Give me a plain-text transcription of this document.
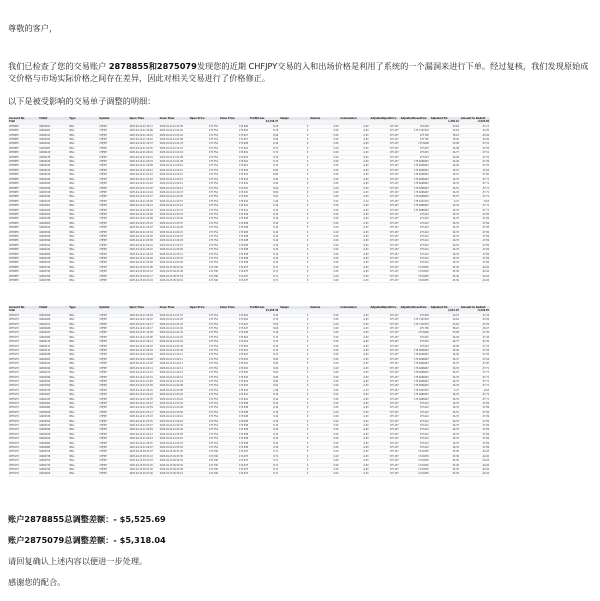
尊敬的客户，
我们已检查了您的交易账户 2878855和2875079发现您的近期 CHFJPY交易的入和出场价格是利用了系统的一个漏洞来进行下单。经过复核，我们发现原始成交价格与市场实际价格之间存在差异，因此对相关交易进行了价格修正。
以下是被受影响的交易单子调整的明细：
Account No	Ticket	Type	Symbol	Open Time	Close Time	Open Price	Close Price	Profit/Loss	Swaps	Volume	Commission	AdjustedOpenPrice	AdjustedClosePrice	Adjusted P/L	Amount to Deduct
Total								$4,159.47						1,359.22	-5,525.69
2878855	42481813	SELL	CHFJPY	2025-04-14 21:15:17	2025-04-14 21:21:06	175.754	175.626	8.29	0	0.09	-0.63	175.157	175.629	20.64	-37.11
2878855	42482003	SELL	CHFJPY	2025-04-14 21:19:06	2025-04-14 21:21:02	175.754	175.616	8.70	0	0.09	-0.63	175.157	175.7143333	20.64	-43.06
2878855	42482011	SELL	CHFJPY	2025-04-14 21:19:10	2025-04-14 21:21:02	175.754	175.627	8.06	0	0.09	-0.63	175.157	175.765	38.22	-43.06
2878855	42482022	SELL	CHFJPY	2025-04-14 21:19:16	2025-04-14 21:21:08	175.754	175.627	8.06	0	0.09	-0.63	175.157	175.765	38.26	-43.06
2878855	42482041	SELL	CHFJPY	2025-04-14 21:19:37	2025-04-14 21:21:33	175.754	175.638	8.16	0	0.09	-0.63	175.157	175.6066	20.98	-37.51
2878855	42482087	SELL	CHFJPY	2025-04-14 21:20:05	2025-04-14 21:21:19	175.754	175.616	8.74	0	0.09	-0.63	175.157	175.615	26.48	-37.56
2878855	42482108	SELL	CHFJPY	2025-04-14 21:20:10	2025-04-14 21:21:19	175.754	175.619	8.74	0	0.09	-0.63	175.157	175.615	26.77	-37.51
2878855	42482135	SELL	CHFJPY	2025-04-14 21:20:21	2025-04-14 21:21:38	175.754	175.632	8.16	0	0.09	-0.63	175.157	175.613	26.48	-37.22
2878855	42482166	SELL	CHFJPY	2025-04-14 21:20:33	2025-04-14 21:21:38	175.754	175.621	8.74	0	0.09	-0.63	175.157	175.6096667	26.46	-37.39
2878855	42482182	SELL	CHFJPY	2025-04-14 21:20:38	2025-04-14 21:22:10	175.754	175.621	8.74	0	0.09	-0.63	175.157	175.6096667	26.46	-37.56
2878855	42482195	SELL	CHFJPY	2025-04-14 21:20:47	2025-04-14 21:22:10	175.754	175.632	8.84	0	0.09	-0.63	175.157	175.6096667	26.47	-37.64
2878855	42482216	SELL	CHFJPY	2025-04-14 21:21:01	2025-04-14 21:22:10	175.754	175.632	8.84	0	0.09	-0.63	175.157	175.6096667	26.47	-37.60
2878855	42482243	SELL	CHFJPY	2025-04-14 21:21:10	2025-04-14 21:22:10	175.754	175.632	8.90	0	0.09	-0.63	175.157	175.6096667	26.76	-37.71
2878855	42482266	SELL	CHFJPY	2025-04-14 21:21:22	2025-04-14 21:22:11	175.754	175.632	8.90	0	0.09	-0.63	175.157	175.6096667	26.76	-37.71
2878855	42482290	SELL	CHFJPY	2025-04-14 21:21:30	2025-04-14 21:22:11	175.754	175.632	8.90	0	0.09	-0.63	175.157	175.6096667	26.76	-37.71
2878855	42482318	SELL	CHFJPY	2025-04-14 21:21:44	2025-04-14 21:22:23	175.754	175.632	8.80	0	0.09	-0.63	175.157	175.6096667	26.76	-37.71
2878855	42482344	SELL	CHFJPY	2025-04-14 21:21:57	2025-04-14 21:22:45	175.754	175.632	8.91	0	0.09	-0.63	175.157	175.6096667	26.76	-37.71
2878855	42482372	SELL	CHFJPY	2025-04-14 21:22:09	2025-04-14 21:22:57	175.754	175.632	1.96	0	0.02	-0.14	175.157	175.6143333	6.47	-8.63
2878855	42482401	SELL	CHFJPY	2025-04-14 21:22:21	2025-04-14 21:23:21	175.754	175.641	8.16	0	0.09	-0.63	175.157	175.6086667	26.76	-37.71
2878855	42482429	SELL	CHFJPY	2025-04-14 21:22:34	2025-04-14 21:23:21	175.754	175.641	8.16	0	0.09	-0.63	175.157	175.6086667	26.76	-37.71
2878855	42482455	SELL	CHFJPY	2025-04-14 21:22:46	2025-04-14 21:23:33	175.754	175.638	8.16	0	0.09	-0.63	175.157	175.612	26.76	-37.69
2878855	42482478	SELL	CHFJPY	2025-04-14 21:22:58	2025-04-14 21:23:45	175.754	175.638	8.16	0	0.09	-0.63	175.157	175.612	26.76	-37.69
2878855	42482502	SELL	CHFJPY	2025-04-14 21:23:10	2025-04-14 21:23:57	175.754	175.638	8.16	0	0.09	-0.63	175.157	175.612	26.76	-37.69
2878855	42482524	SELL	CHFJPY	2025-04-14 21:23:22	2025-04-14 21:24:09	175.754	175.638	8.16	0	0.09	-0.63	175.157	175.612	26.76	-37.69
2878855	42482546	SELL	CHFJPY	2025-04-14 21:23:34	2025-04-14 21:24:21	175.754	175.638	8.16	0	0.09	-0.63	175.157	175.612	26.76	-37.69
2878855	42482568	SELL	CHFJPY	2025-04-14 21:23:46	2025-04-14 21:24:33	175.754	175.638	8.16	0	0.09	-0.63	175.157	175.612	26.76	-37.69
2878855	42482590	SELL	CHFJPY	2025-04-14 21:23:58	2025-04-14 21:24:45	175.754	175.638	8.16	0	0.09	-0.63	175.157	175.612	26.76	-37.69
2878855	42482612	SELL	CHFJPY	2025-04-14 21:24:10	2025-04-14 21:24:57	175.754	175.638	8.16	0	0.09	-0.63	175.157	175.612	26.76	-37.69
2878855	42482634	SELL	CHFJPY	2025-04-14 21:24:22	2025-04-14 21:25:09	175.754	175.638	8.16	0	0.09	-0.63	175.157	175.612	26.76	-37.69
2878855	42482656	SELL	CHFJPY	2025-04-14 21:24:34	2025-04-14 21:25:21	175.754	175.638	8.16	0	0.09	-0.63	175.157	175.612	26.76	-37.69
2878855	42482678	SELL	CHFJPY	2025-04-14 21:24:46	2025-04-14 21:25:33	175.754	175.638	8.16	0	0.09	-0.63	175.157	175.612	26.76	-37.69
2878855	42482700	SELL	CHFJPY	2025-04-14 21:24:58	2025-04-14 21:25:45	175.754	175.638	8.16	0	0.09	-0.63	175.157	175.612	26.76	-37.69
2878855	42482722	SELL	CHFJPY	2025-04-15 09:31:06	2025-04-15 09:31:44	174.796	174.675	8.71	0	0.09	-0.63	175.157	174.6955	45.36	-44.92
2878855	42482744	SELL	CHFJPY	2025-04-15 09:31:12	2025-04-15 09:31:49	174.796	174.675	8.71	0	0.09	-0.63	175.157	174.6955	45.36	-44.92
2878855	42482766	SELL	CHFJPY	2025-04-15 09:31:17	2025-04-15 09:31:53	174.796	174.675	8.71	0	0.09	-0.63	175.157	174.6955	45.36	-44.92
2878855	42482788	SELL	CHFJPY	2025-04-15 09:31:24	2025-04-15 09:32:01	174.796	174.675	8.71	0	0.09	-0.63	175.157	174.6955	45.36	-44.92
Account No	Ticket	Type	Symbol	Open Time	Close Time	Open Price	Close Price	Profit/Loss	Swaps	Volume	Commission	AdjustedOpenPrice	AdjustedClosePrice	Adjusted P/L	Amount to Deduct
Total								$4,365.49						1,012.25	-5,318.04
2875079	42481819	SELL	CHFJPY	2025-04-14 21:15:18	2025-04-14 21:21:07	175.754	175.626	8.29	0	0.09	-0.63	175.157	175.629	20.07	-37.43
2875079	42482009	SELL	CHFJPY	2025-04-14 21:19:07	2025-04-14 21:21:03	175.754	175.616	8.70	0	0.09	-0.63	175.157	175.7143333	20.64	-43.09
2875079	42482017	SELL	CHFJPY	2025-04-14 21:19:11	2025-04-14 21:21:03	175.754	175.627	8.06	0	0.09	-0.63	175.157	175.7143333	20.64	-43.09
2875079	42482028	SELL	CHFJPY	2025-04-14 21:19:17	2025-04-14 21:21:09	175.754	175.627	8.06	0	0.09	-0.63	175.157	175.765	38.22	-36.97
2875079	42482047	SELL	CHFJPY	2025-04-14 21:19:38	2025-04-14 21:21:34	175.754	175.638	8.16	0	0.09	-0.63	175.157	175.6066	20.98	-37.26
2875079	42482093	SELL	CHFJPY	2025-04-14 21:20:06	2025-04-14 21:21:20	175.754	175.616	8.74	0	0.09	-0.63	175.157	175.615	26.48	-37.44
2875079	42482114	SELL	CHFJPY	2025-04-14 21:20:11	2025-04-14 21:21:20	175.754	175.619	8.74	0	0.09	-0.63	175.157	175.615	26.77	-37.26
2875079	42482141	SELL	CHFJPY	2025-04-14 21:20:22	2025-04-14 21:21:39	175.754	175.632	8.16	0	0.09	-0.63	175.157	175.613	26.48	-37.22
2875079	42482172	SELL	CHFJPY	2025-04-14 21:20:34	2025-04-14 21:21:39	175.754	175.621	8.74	0	0.09	-0.63	175.157	175.6096667	26.46	-37.39
2875079	42482188	SELL	CHFJPY	2025-04-14 21:20:39	2025-04-14 21:22:11	175.754	175.621	8.74	0	0.09	-0.63	175.157	175.6096667	26.46	-37.56
2875079	42482201	SELL	CHFJPY	2025-04-14 21:20:48	2025-04-14 21:22:11	175.754	175.632	8.84	0	0.09	-0.63	175.157	175.6096667	26.47	-37.64
2875079	42482222	SELL	CHFJPY	2025-04-14 21:21:02	2025-04-14 21:22:11	175.754	175.632	8.84	0	0.09	-0.63	175.157	175.6096667	26.47	-37.60
2875079	42482249	SELL	CHFJPY	2025-04-14 21:21:11	2025-04-14 21:22:11	175.754	175.632	8.90	0	0.09	-0.63	175.157	175.6096667	26.76	-37.71
2875079	42482272	SELL	CHFJPY	2025-04-14 21:21:23	2025-04-14 21:22:12	175.754	175.632	8.90	0	0.09	-0.63	175.157	175.6096667	26.76	-37.71
2875079	42482296	SELL	CHFJPY	2025-04-14 21:21:31	2025-04-14 21:22:12	175.754	175.632	8.90	0	0.09	-0.63	175.157	175.6096667	26.76	-37.71
2875079	42482324	SELL	CHFJPY	2025-04-14 21:21:45	2025-04-14 21:22:24	175.754	175.632	8.80	0	0.09	-0.63	175.157	175.6096667	26.76	-37.71
2875079	42482350	SELL	CHFJPY	2025-04-14 21:21:58	2025-04-14 21:22:46	175.754	175.632	8.91	0	0.09	-0.63	175.157	175.6096667	26.76	-37.71
2875079	42482378	SELL	CHFJPY	2025-04-14 21:22:10	2025-04-14 21:22:58	175.754	175.632	1.96	0	0.02	-0.14	175.157	175.6143333	6.47	-8.63
2875079	42482407	SELL	CHFJPY	2025-04-14 21:22:22	2025-04-14 21:23:22	175.754	175.641	8.16	0	0.09	-0.63	175.157	175.6086667	26.76	-37.71
2875079	42482435	SELL	CHFJPY	2025-04-14 21:22:35	2025-04-14 21:23:22	175.754	175.641	8.16	0	0.09	-0.63	175.157	175.6086667	26.76	-37.71
2875079	42482461	SELL	CHFJPY	2025-04-14 21:22:47	2025-04-14 21:23:34	175.754	175.638	8.16	0	0.09	-0.63	175.157	175.612	26.76	-37.69
2875079	42482484	SELL	CHFJPY	2025-04-14 21:22:59	2025-04-14 21:23:46	175.754	175.638	8.16	0	0.09	-0.63	175.157	175.612	26.76	-37.69
2875079	42482508	SELL	CHFJPY	2025-04-14 21:23:11	2025-04-14 21:23:58	175.754	175.638	8.16	0	0.09	-0.63	175.157	175.612	26.76	-37.69
2875079	42482530	SELL	CHFJPY	2025-04-14 21:23:23	2025-04-14 21:24:10	175.754	175.638	8.16	0	0.09	-0.63	175.157	175.612	26.76	-37.69
2875079	42482552	SELL	CHFJPY	2025-04-14 21:23:35	2025-04-14 21:24:22	175.754	175.638	8.16	0	0.09	-0.63	175.157	175.612	26.76	-37.69
2875079	42482574	SELL	CHFJPY	2025-04-14 21:23:47	2025-04-14 21:24:34	175.754	175.638	8.16	0	0.09	-0.63	175.157	175.612	26.76	-37.69
2875079	42482596	SELL	CHFJPY	2025-04-14 21:23:59	2025-04-14 21:24:46	175.754	175.638	8.16	0	0.09	-0.63	175.157	175.612	26.76	-37.69
2875079	42482618	SELL	CHFJPY	2025-04-14 21:24:11	2025-04-14 21:24:58	175.754	175.638	8.16	0	0.09	-0.63	175.157	175.612	26.76	-37.69
2875079	42482640	SELL	CHFJPY	2025-04-14 21:24:23	2025-04-14 21:25:10	175.754	175.638	8.16	0	0.09	-0.63	175.157	175.612	26.76	-37.69
2875079	42482662	SELL	CHFJPY	2025-04-14 21:24:35	2025-04-14 21:25:22	175.754	175.638	8.16	0	0.09	-0.63	175.157	175.612	26.76	-37.69
2875079	42482684	SELL	CHFJPY	2025-04-14 21:24:47	2025-04-14 21:25:34	175.754	175.638	8.16	0	0.09	-0.63	175.157	175.612	26.76	-37.69
2875079	42482706	SELL	CHFJPY	2025-04-15 09:31:07	2025-04-15 09:31:45	174.796	174.675	8.71	0	0.09	-0.63	175.157	174.6955	45.36	-44.92
2875079	42482728	SELL	CHFJPY	2025-04-15 09:31:13	2025-04-15 09:31:50	174.796	174.675	8.71	0	0.09	-0.63	175.157	174.6955	45.36	-44.92
2875079	42482750	SELL	CHFJPY	2025-04-15 09:31:18	2025-04-15 09:31:54	174.796	174.675	8.71	0	0.09	-0.63	175.157	174.6955	45.36	-44.92
2875079	42482772	SELL	CHFJPY	2025-04-15 09:31:25	2025-04-15 09:32:02	174.796	174.675	8.71	0	0.09	-0.63	175.157	174.6955	45.36	-44.92
2875079	42482794	SELL	CHFJPY	2025-04-15 09:31:30	2025-04-15 09:32:08	174.796	174.675	8.71	0	0.09	-0.63	175.157	174.6955	45.36	-44.92
2875079	42482816	SELL	CHFJPY	2025-04-15 09:31:36	2025-04-15 09:32:14	174.796	174.675	8.71	0	0.09	-0.63	175.157	174.6955	45.36	-44.92
账户2878855总调整差额：- $5,525.69
账户2875079总调整差额：- $5,318.04
请回复确认上述内容以便进一步处理。
感谢您的配合。
